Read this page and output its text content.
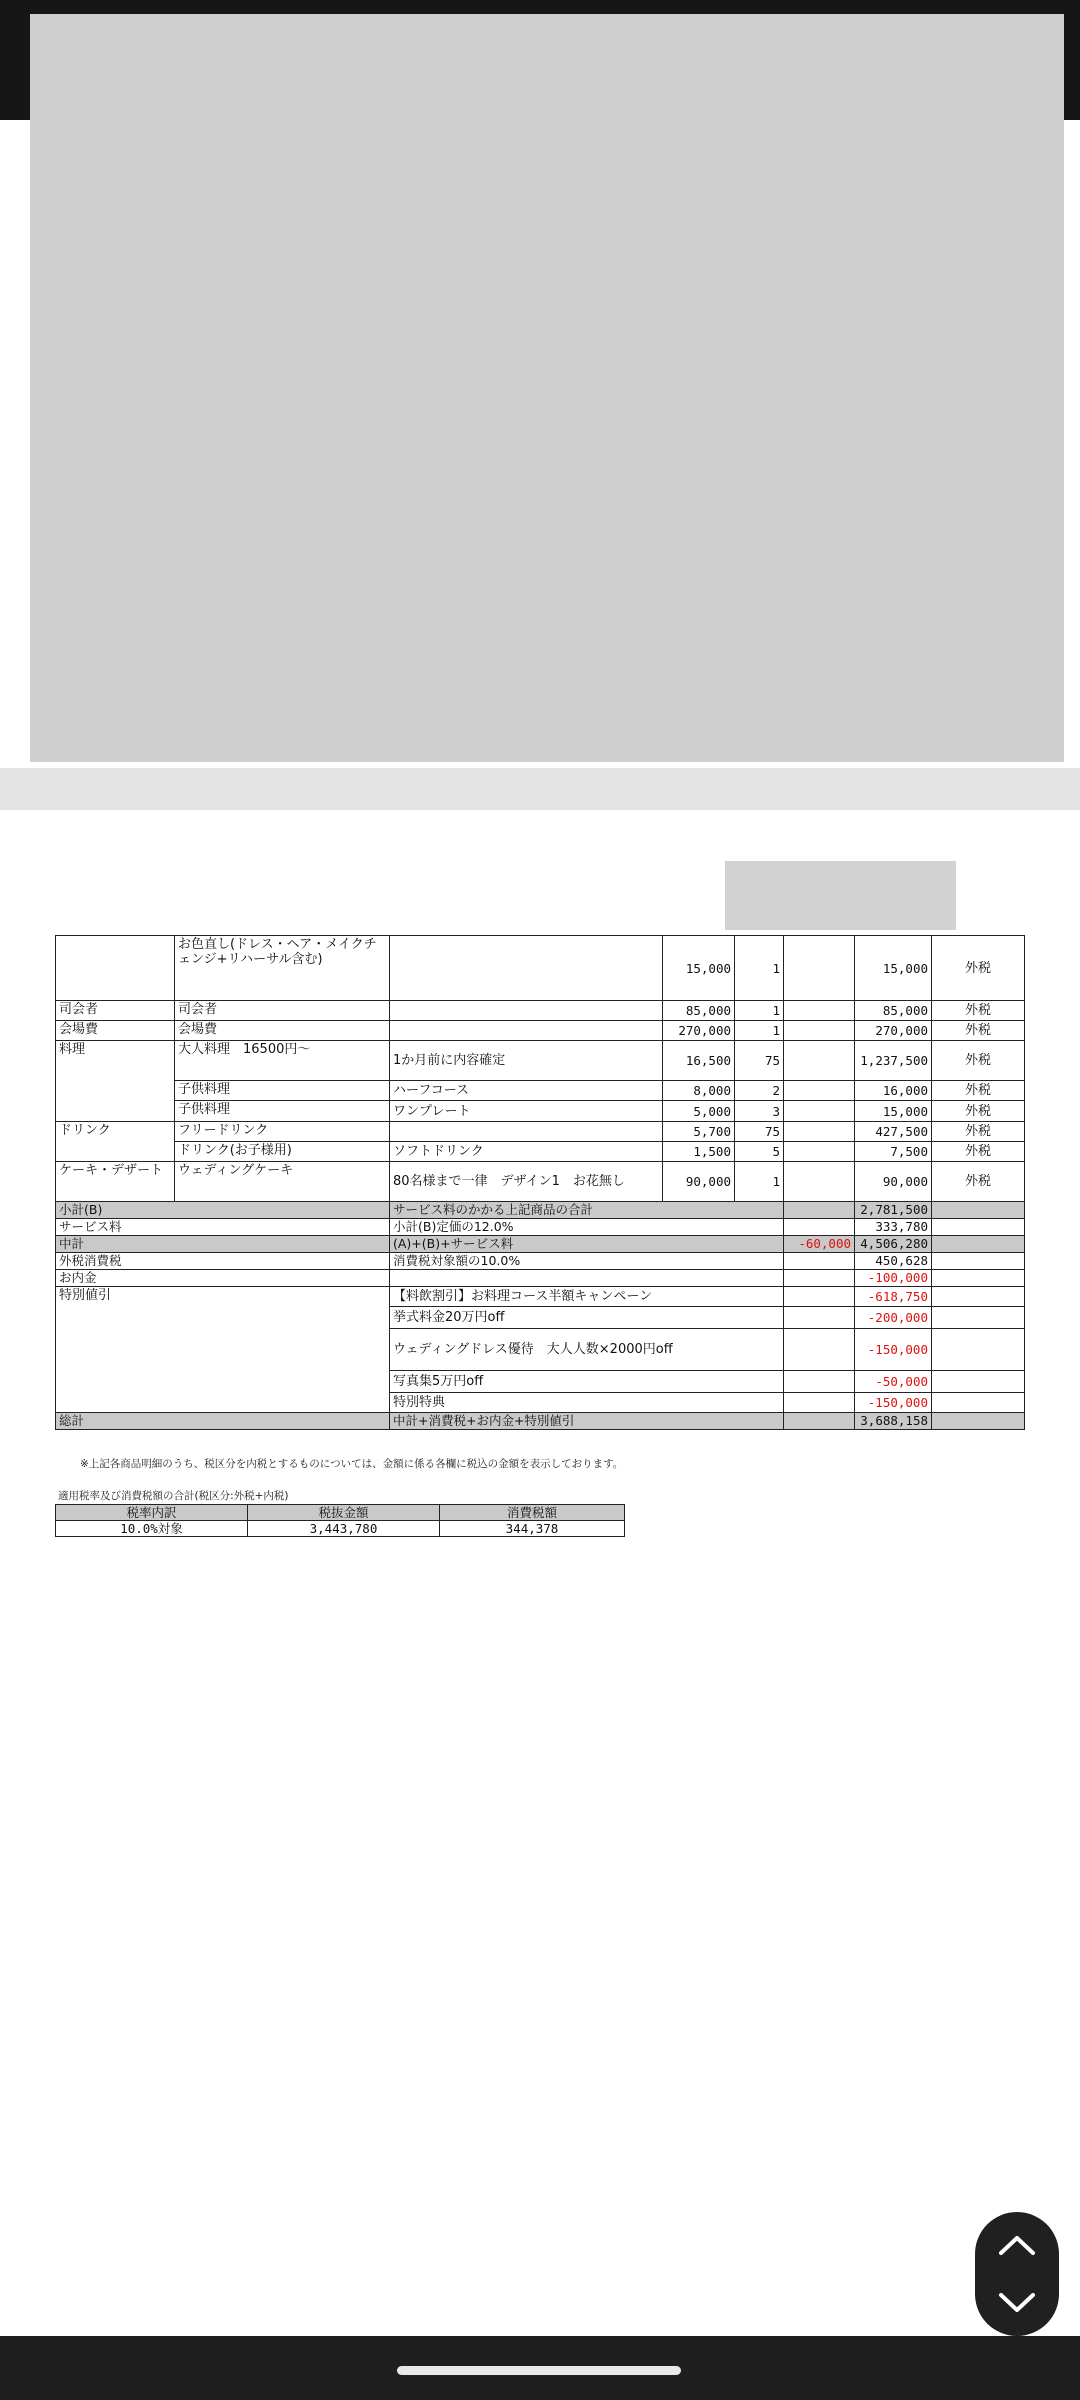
	お色直し(ドレス・ヘア・メイクチェンジ+リハーサル含む)		15,000	1		15,000	外税
司会者	司会者		85,000	1		85,000	外税
会場費	会場費		270,000	1		270,000	外税
料理	大人料理　16500円～	1か月前に内容確定	16,500	75		1,237,500	外税
	子供料理	ハーフコース	8,000	2		16,000	外税
	子供料理	ワンプレート	5,000	3		15,000	外税
ドリンク	フリードリンク		5,700	75		427,500	外税
	ドリンク(お子様用)	ソフトドリンク	1,500	5		7,500	外税
ケーキ・デザート	ウェディングケーキ	80名様まで一律　デザイン1　お花無し	90,000	1		90,000	外税
小計(B)		サービス料のかかる上記商品の合計				2,781,500	
サービス料		小計(B)定価の12.0%				333,780	
中計		(A)+(B)+サービス料			-60,000	4,506,280	
外税消費税		消費税対象額の10.0%				450,628	
お内金						-100,000	
特別値引		【料飲割引】お料理コース半額キャンペーン				-618,750	
		挙式料金20万円off				-200,000	
		ウェディングドレス優待　大人人数×2000円off				-150,000	
		写真集5万円off				-50,000	
		特別特典				-150,000	
総計		中計+消費税+お内金+特別値引				3,688,158	
※上記各商品明細のうち、税区分を内税とするものについては、金額に係る各欄に税込の金額を表示しております。
適用税率及び消費税額の合計(税区分:外税+内税)
税率内訳	税抜金額	消費税額
10.0%対象	3,443,780	344,378
